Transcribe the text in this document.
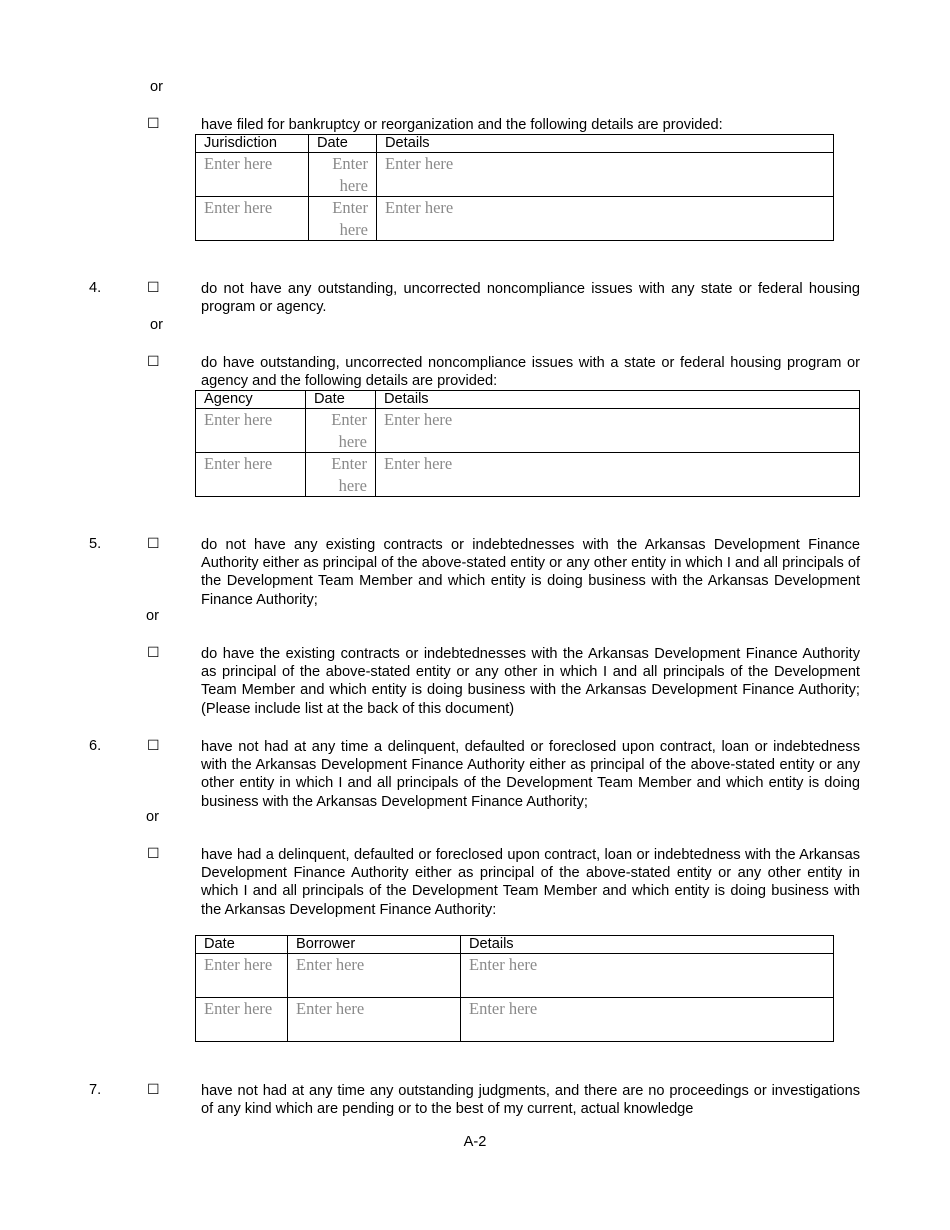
or
☐	have filed for bankruptcy or reorganization and the following details are provided:
Jurisdiction	Date	Details
Enter here	Enter here	Enter here
Enter here	Enter here	Enter here
4.	☐	do not have any outstanding, uncorrected noncompliance issues with any state or federal housing program or agency.
or
☐	do have outstanding, uncorrected noncompliance issues with a state or federal housing program or agency and the following details are provided:
Agency	Date	Details
Enter here	Enter here	Enter here
Enter here	Enter here	Enter here
5.	☐	do not have any existing contracts or indebtednesses with the Arkansas Development Finance Authority either as principal of the above-stated entity or any other entity in which I and all principals of the Development Team Member and which entity is doing business with the Arkansas Development Finance Authority;
or
☐	do have the existing contracts or indebtednesses with the Arkansas Development Finance Authority as principal of the above-stated entity or any other in which I and all principals of the Development Team Member and which entity is doing business with the Arkansas Development Finance Authority; (Please include list at the back of this document)
6.	☐	have not had at any time a delinquent, defaulted or foreclosed upon contract, loan or indebtedness with the Arkansas Development Finance Authority either as principal of the above-stated entity or any other entity in which I and all principals of the Development Team Member and which entity is doing business with the Arkansas Development Finance Authority;
or
☐	have had a delinquent, defaulted or foreclosed upon contract, loan or indebtedness with the Arkansas Development Finance Authority either as principal of the above-stated entity or any other entity in which I and all principals of the Development Team Member and which entity is doing business with the Arkansas Development Finance Authority:
Date	Borrower	Details
Enter here	Enter here	Enter here
Enter here	Enter here	Enter here
7.	☐	have not had at any time any outstanding judgments, and there are no proceedings or investigations of any kind which are pending or to the best of my current, actual knowledge
A-2
